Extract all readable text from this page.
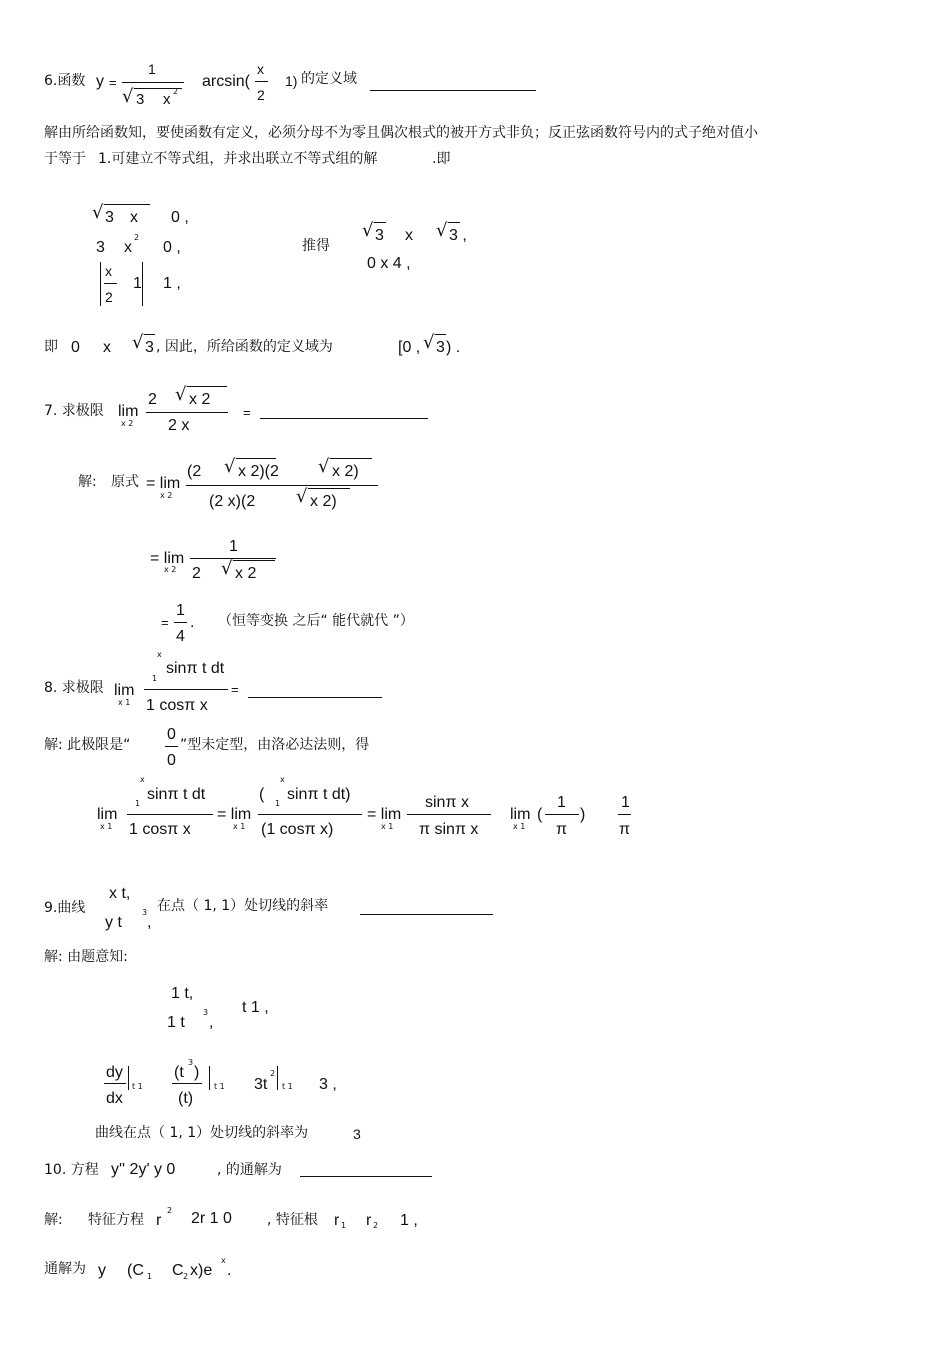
6.函数 y =
1
√ 3 x 2
arcsin(
x
2
1) 的定义域
解由所给函数知，要使函数有定义，必须分母不为零且偶次根式的被开方式非负；反正弦函数符号内的式子绝对值小
于等于 1.可建立不等式组，并求出联立不等式组的解	.即
√ 3 x 0 ,
3 x
2
0 ,
x
2
1 1 ,
推得
√ 3 x √ 3 ,
0 x 4 ,
即 0 x √ 3 , 因此，所给函数的定义域为	[0 , √ 3 ) .
7. 求极限 lim
x 2
2 √ x 2
2 x
=
解: 原式 = lim
x 2
(2 √ x 2)(2 √ x 2)
(2 x)(2 √ x 2)
= lim
x 2
1
2 √ x 2
=
1
4
. （恒等变换 之后“ 能代就代 ”）
8. 求极限 lim
x 1
x
1
sinπ t dt
1 cosπ x
=
解: 此极限是“
0
0
”型未定型，由洛必达法则，得
lim
x 1
x
1
sinπ t dt
1 cosπ x
= lim
x 1
(
x
1
sinπ t dt)
(1 cosπ x)
= lim
x 1
sinπ x
π sinπ x
lim
x 1
(
1
π
)
1
π
9.曲线
x t,
y t
3
,
在点（ 1, 1）处切线的斜率
解: 由题意知:
1 t,
1 t
3
,
t 1 ,
dy
dx
t 1
(t
3
)
(t)
t 1 3t
2
t 1 3 ,
曲线在点（ 1, 1）处切线的斜率为	3
10. 方程 y'' 2y' y 0	, 的通解为
解: 特征方程 r
2 2r 1 0	, 特征根 r 1 r 2 1 ,
通解为 y (C 1 C 2 x)e
x
.
